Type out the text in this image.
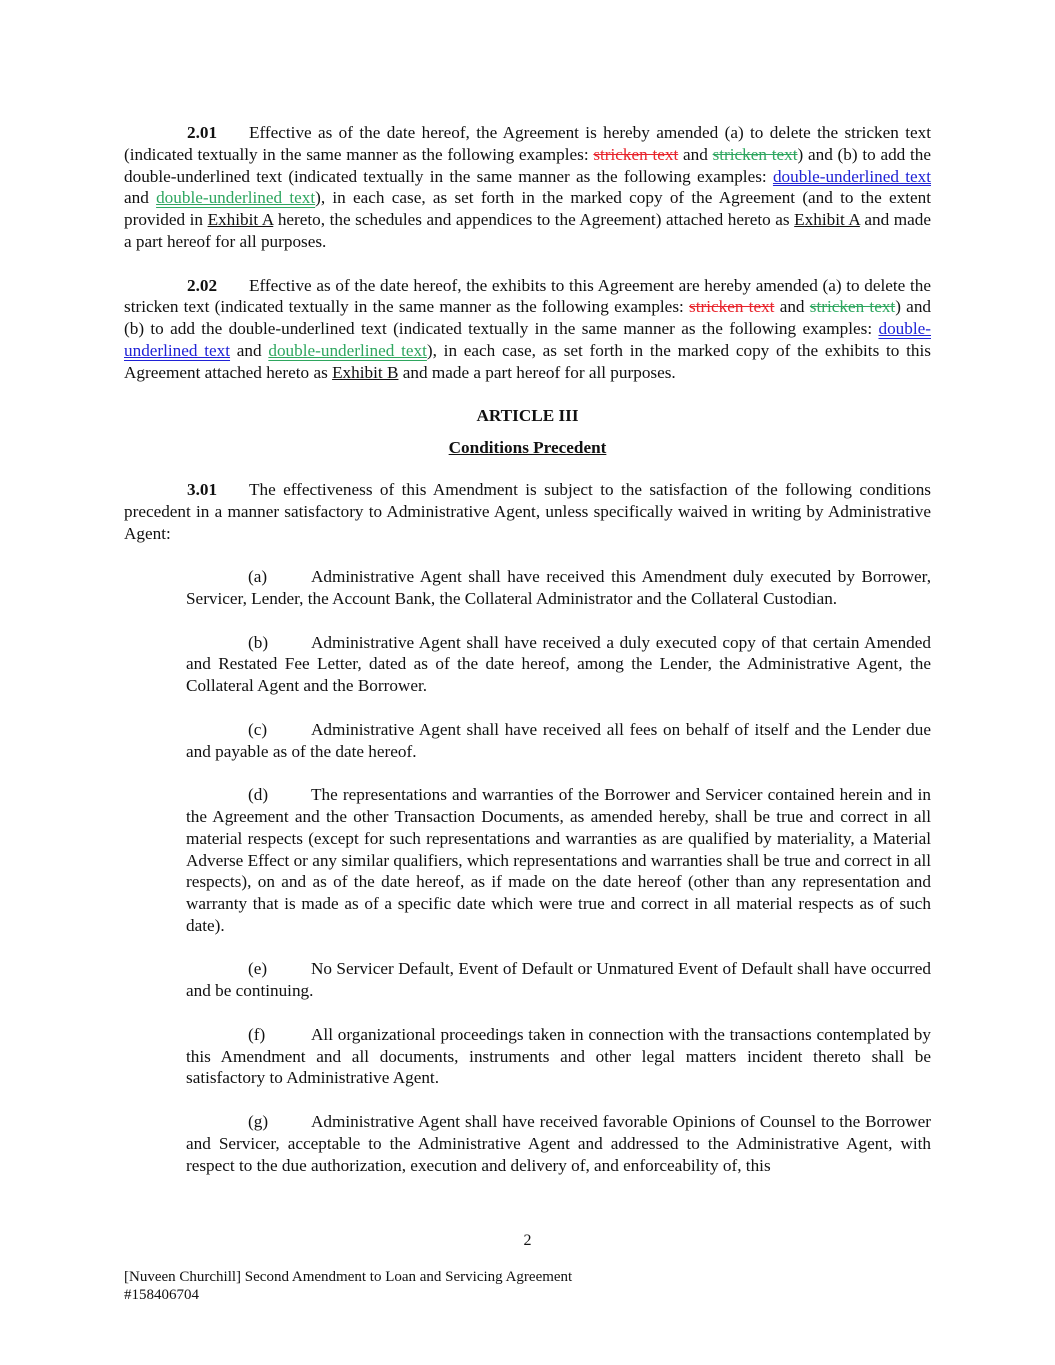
2.01 Effective as of the date hereof, the Agreement is hereby amended (a) to delete the stricken text (indicated textually in the same manner as the following examples: stricken text and stricken text) and (b) to add the double-underlined text (indicated textually in the same manner as the following examples: double-underlined text and double-underlined text), in each case, as set forth in the marked copy of the Agreement (and to the extent provided in Exhibit A hereto, the schedules and appendices to the Agreement) attached hereto as Exhibit A and made a part hereof for all purposes.

2.02 Effective as of the date hereof, the exhibits to this Agreement are hereby amended (a) to delete the stricken text (indicated textually in the same manner as the following examples: stricken text and stricken text) and (b) to add the double-underlined text (indicated textually in the same manner as the following examples: double-underlined text and double-underlined text), in each case, as set forth in the marked copy of the exhibits to this Agreement attached hereto as Exhibit B and made a part hereof for all purposes.

ARTICLE III

Conditions Precedent

3.01 The effectiveness of this Amendment is subject to the satisfaction of the following conditions precedent in a manner satisfactory to Administrative Agent, unless specifically waived in writing by Administrative Agent:

(a)	Administrative Agent shall have received this Amendment duly executed by Borrower, Servicer, Lender, the Account Bank, the Collateral Administrator and the Collateral Custodian.

(b) Administrative Agent shall have received a duly executed copy of that certain Amended and Restated Fee Letter, dated as of the date hereof, among the Lender, the Administrative Agent, the Collateral Agent and the Borrower.

(c)	Administrative Agent shall have received all fees on behalf of itself and the Lender due and payable as of the date hereof.

(d) The representations and warranties of the Borrower and Servicer contained herein and in the Agreement and the other Transaction Documents, as amended hereby, shall be true and correct in all material respects (except for such representations and warranties as are qualified by materiality, a Material Adverse Effect or any similar qualifiers, which representations and warranties shall be true and correct in all respects), on and as of the date hereof, as if made on the date hereof (other than any representation and warranty that is made as of a specific date which were true and correct in all material respects as of such date).

(e)	No Servicer Default, Event of Default or Unmatured Event of Default shall have occurred and be continuing.

(f)	All organizational proceedings taken in connection with the transactions contemplated by this Amendment and all documents, instruments and other legal matters incident thereto shall be satisfactory to Administrative Agent.

(g) Administrative Agent shall have received favorable Opinions of Counsel to the Borrower and Servicer, acceptable to the Administrative Agent and addressed to the Administrative Agent, with respect to the due authorization, execution and delivery of, and enforceability of, this

2
[Nuveen Churchill] Second Amendment to Loan and Servicing Agreement
#158406704
